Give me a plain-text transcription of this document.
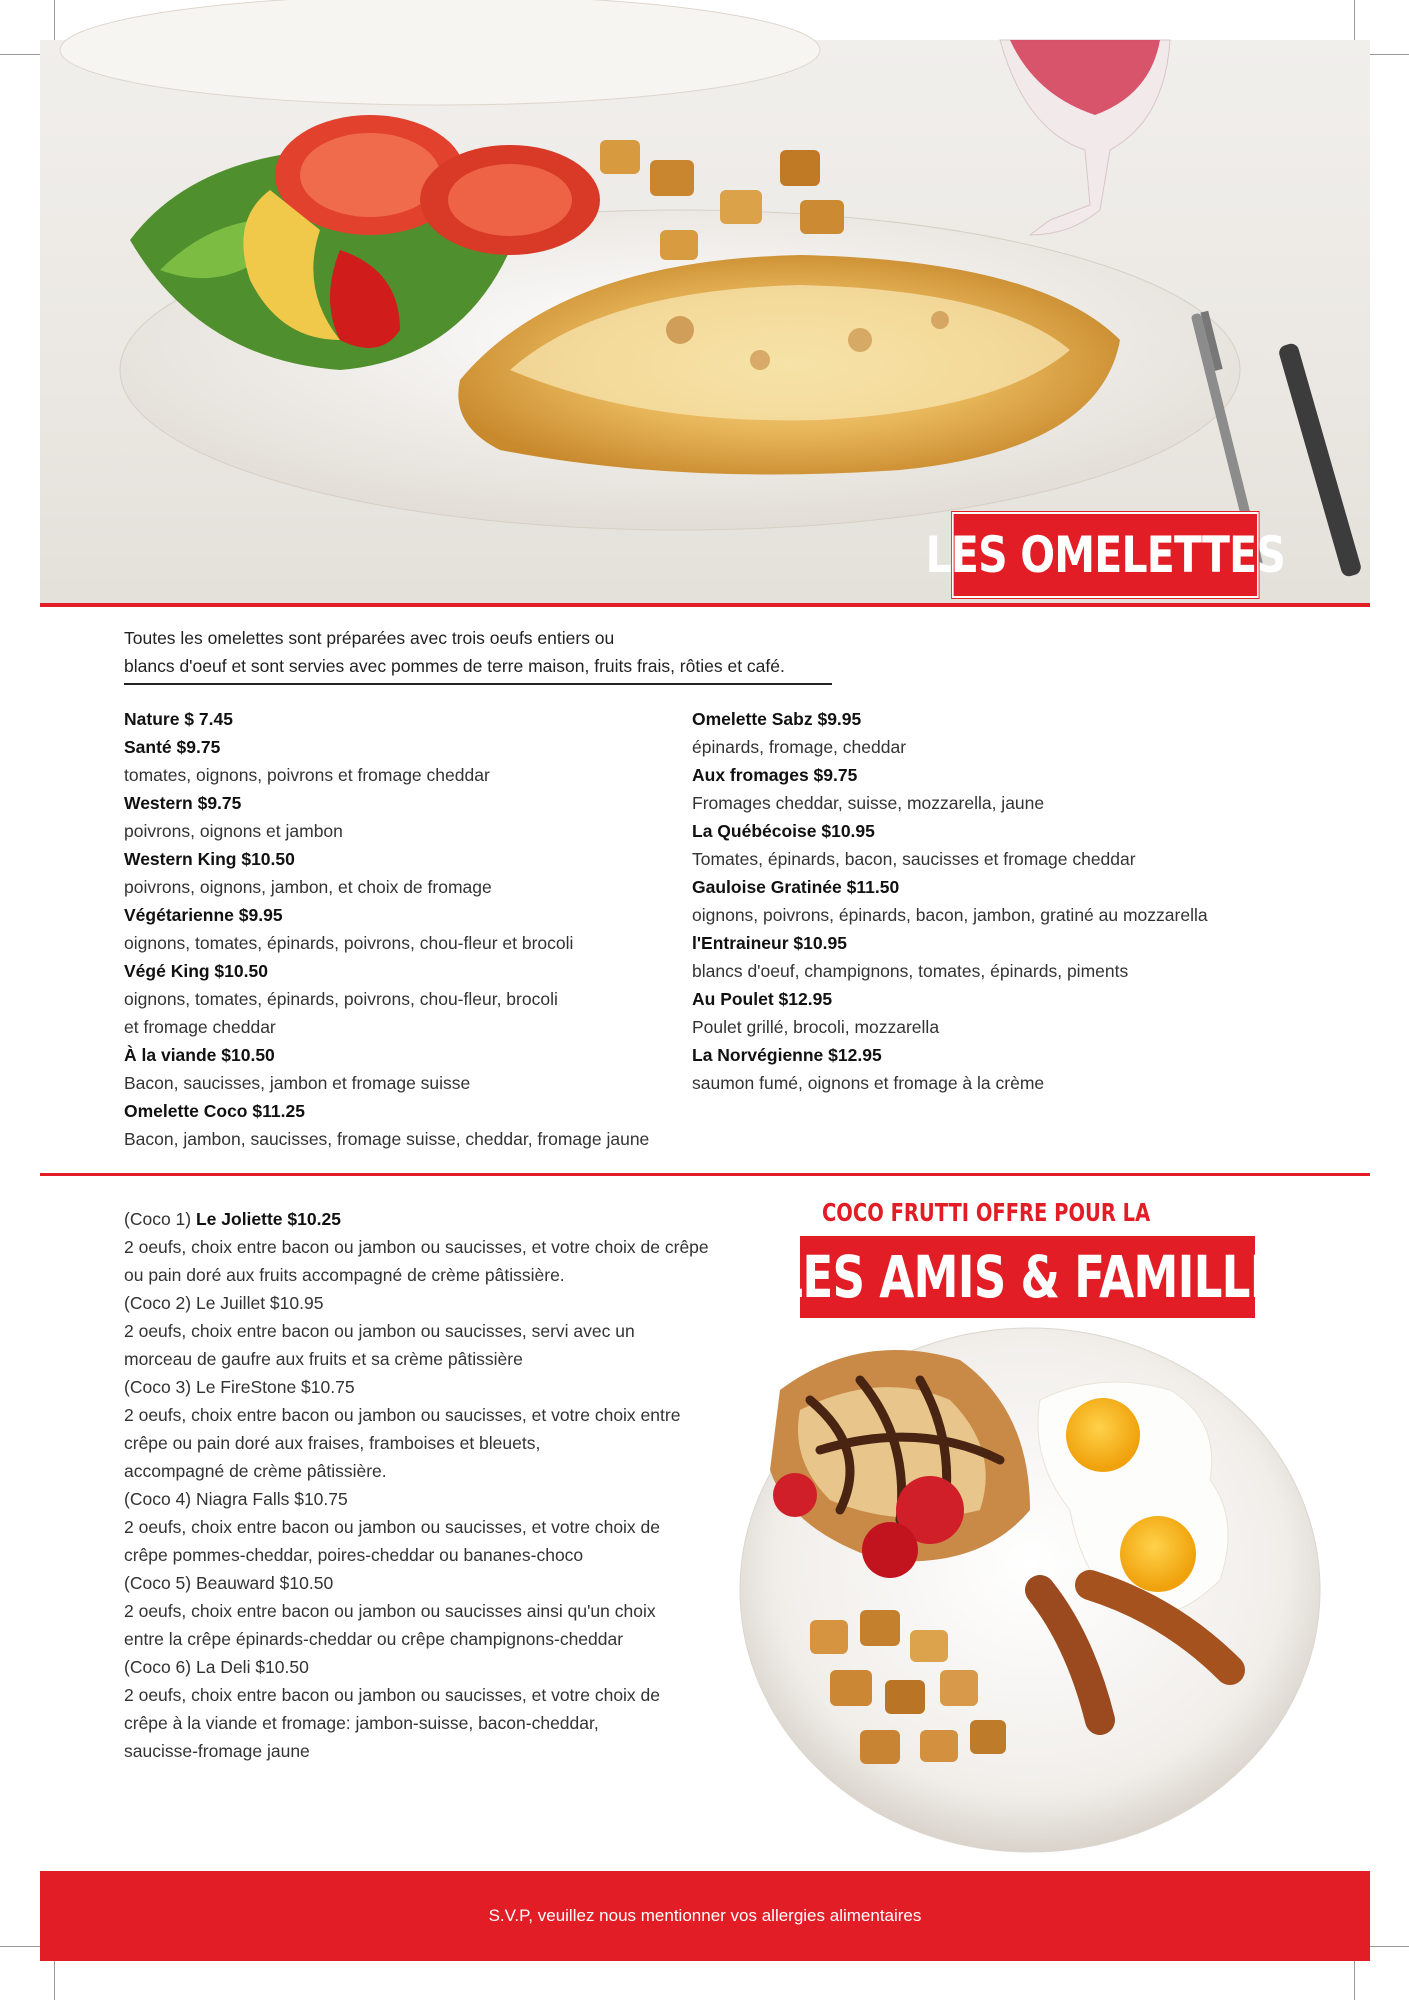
LES OMELETTES
Toutes les omelettes sont préparées avec trois oeufs entiers ou
blancs d'oeuf et sont servies avec pommes de terre maison, fruits frais, rôties et café.
Nature $ 7.45
Santé $9.75
tomates, oignons, poivrons et fromage cheddar
Western $9.75
poivrons, oignons et jambon
Western King $10.50
poivrons, oignons, jambon, et choix de fromage
Végétarienne $9.95
oignons, tomates, épinards, poivrons, chou-fleur et brocoli
Végé King $10.50
oignons, tomates, épinards, poivrons, chou-fleur, brocoli
et fromage cheddar
À la viande $10.50
Bacon, saucisses, jambon et fromage suisse
Omelette Coco $11.25
Bacon, jambon, saucisses, fromage suisse, cheddar, fromage jaune
Omelette Sabz $9.95
épinards, fromage, cheddar
Aux fromages $9.75
Fromages cheddar, suisse, mozzarella, jaune
La Québécoise $10.95
Tomates, épinards, bacon, saucisses et fromage cheddar
Gauloise Gratinée $11.50
oignons, poivrons, épinards, bacon, jambon, gratiné au mozzarella
l'Entraineur $10.95
blancs d'oeuf, champignons, tomates, épinards, piments
Au Poulet $12.95
Poulet grillé, brocoli, mozzarella
La Norvégienne $12.95
saumon fumé, oignons et fromage à la crème
(Coco 1) Le Joliette $10.25
2 oeufs, choix entre bacon ou jambon ou saucisses, et votre choix de crêpe
ou pain doré aux fruits accompagné de crème pâtissière.
(Coco 2) Le Juillet $10.95
2 oeufs, choix entre bacon ou jambon ou saucisses, servi avec un
morceau de gaufre aux fruits et sa crème pâtissière
(Coco 3) Le FireStone $10.75
2 oeufs, choix entre bacon ou jambon ou saucisses, et votre choix entre
crêpe ou pain doré aux fraises, framboises et bleuets,
accompagné de crème pâtissière.
(Coco 4) Niagra Falls $10.75
2 oeufs, choix entre bacon ou jambon ou saucisses, et votre choix de
crêpe pommes-cheddar, poires-cheddar ou bananes-choco
(Coco 5) Beauward $10.50
2 oeufs, choix entre bacon ou jambon ou saucisses ainsi qu'un choix
entre la crêpe épinards-cheddar ou crêpe champignons-cheddar
(Coco 6) La Deli $10.50
2 oeufs, choix entre bacon ou jambon ou saucisses, et votre choix de
crêpe à la viande et fromage: jambon-suisse, bacon-cheddar,
saucisse-fromage jaune
COCO FRUTTI OFFRE POUR LA
LES AMIS & FAMILLE
S.V.P, veuillez nous mentionner vos allergies alimentaires
